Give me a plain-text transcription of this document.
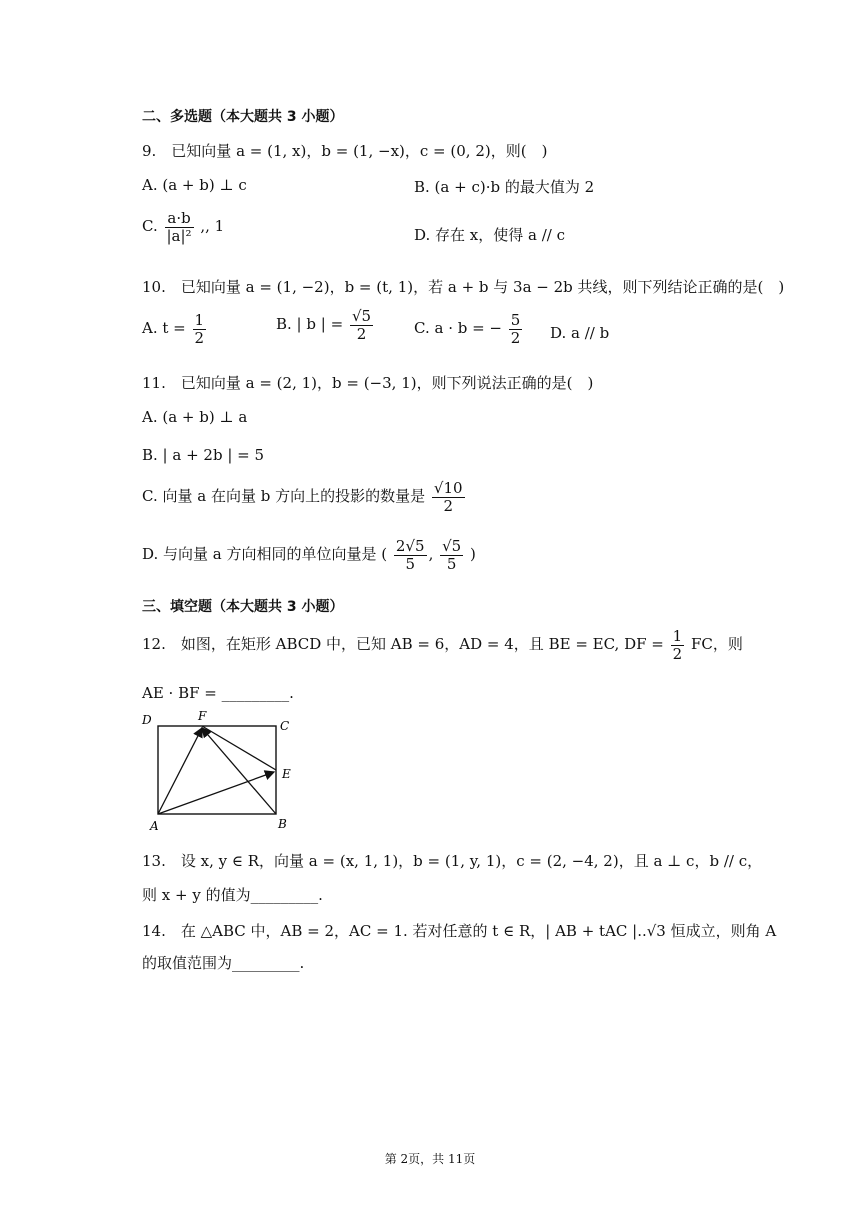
二、多选题（本大题共 3 小题）
9.　已知向量 a = (1, x)，b = (1, −x)，c = (0, 2)，则(　)
A. (a + b) ⊥ c	B. (a + c)·b 的最大值为 2
C. $\frac{a\cdot b}{\text{|a|²}}$ ,, 1	D. 存在 x，使得 a // c
10.　已知向量 a = (1, −2)，b = (t, 1)，若 a + b 与 3a − 2b 共线，则下列结论正确的是(　)
A. $t = \frac{1}{2}$	B. | b | = $\frac{√5}{2}$	C. a · b = − $\frac{5}{2} D$. a // b
11.　已知向量 a = (2, 1)，b = (−3, 1)，则下列说法正确的是(　)
A. (a + b) ⊥ a
B. | a + 2b | = 5
C. 向量 a 在向量 b 方向上的投影的数量是 $\frac{√10}{2}$
D. 与向量 a 方向相同的单位向量是 ( $\frac{2√5}{5}$ , $\frac{√5}{5}$ )
三、填空题（本大题共 3 小题）
12.　如图，在矩形 ABCD 中，已知 AB = 6，AD = 4，且 BE = EC, DF = $\frac{1}{2}$ FC，则
AE · BF = _________.
D	F
C
E
A	B
13.　设 x, y ∈ R，向量 a = (x, 1, 1)，b = (1, y, 1)，c = (2, −4, 2)，且 a ⊥ c，b // c，
则 x + y 的值为_________.
14.　在 △ABC 中，AB = 2，AC = 1. 若对任意的 t ∈ R，| AB + tAC |..√3 恒成立，则角 A
的取值范围为_________.
第 2页，共 11页
